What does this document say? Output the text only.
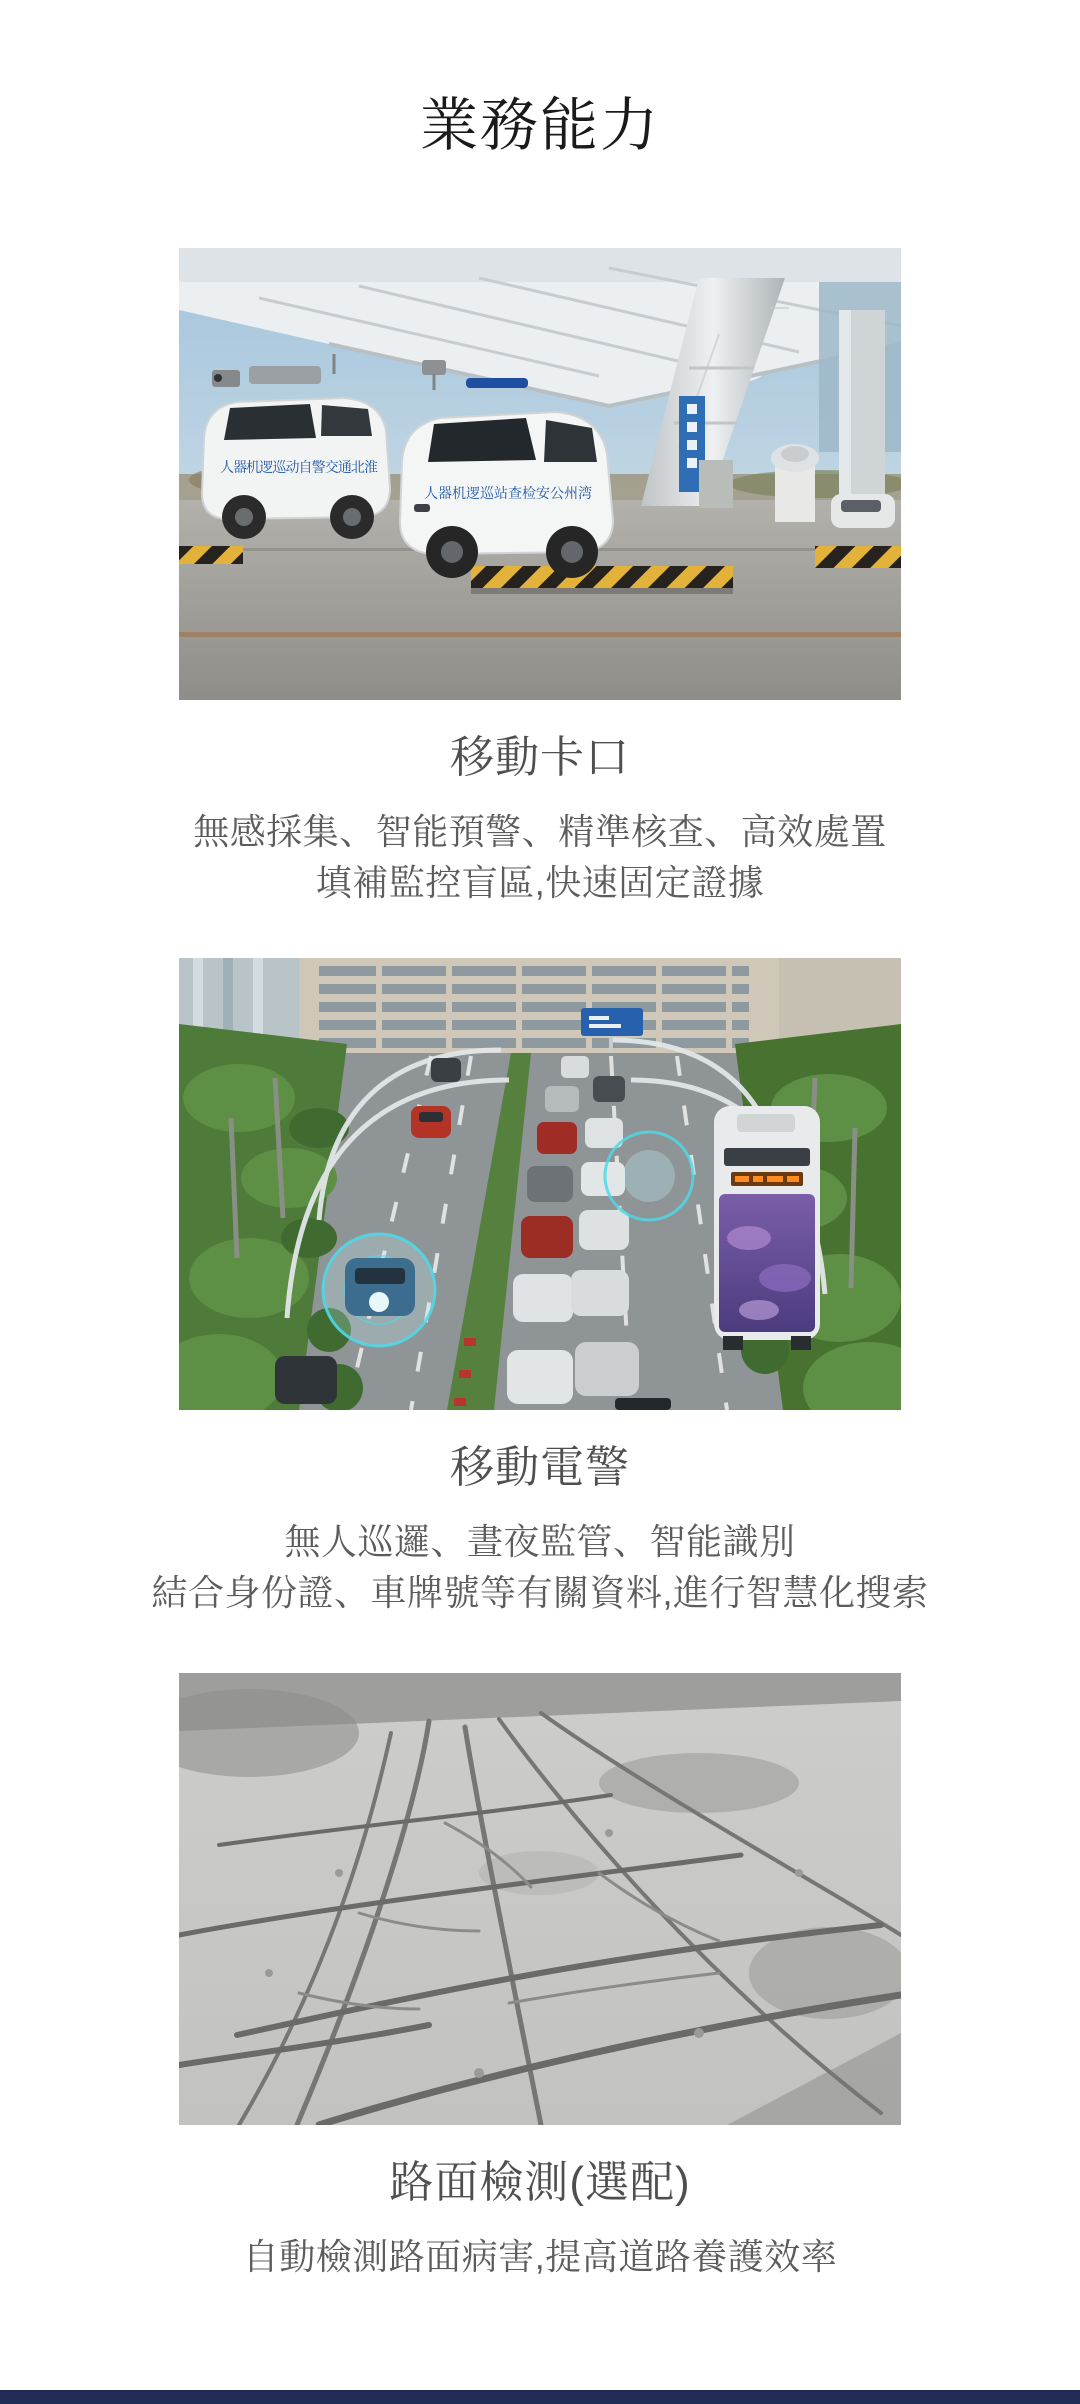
業務能力
人器机逻巡动自警交通北淮
人器机逻巡站查检安公州湾
移動卡口
無感採集、智能預警、精準核查、高效處置
填補監控盲區,快速固定證據
移動電警
無人巡邏、晝夜監管、智能識別
結合身份證、車牌號等有關資料,進行智慧化搜索
路面檢測(選配)
自動檢測路面病害,提高道路養護效率
